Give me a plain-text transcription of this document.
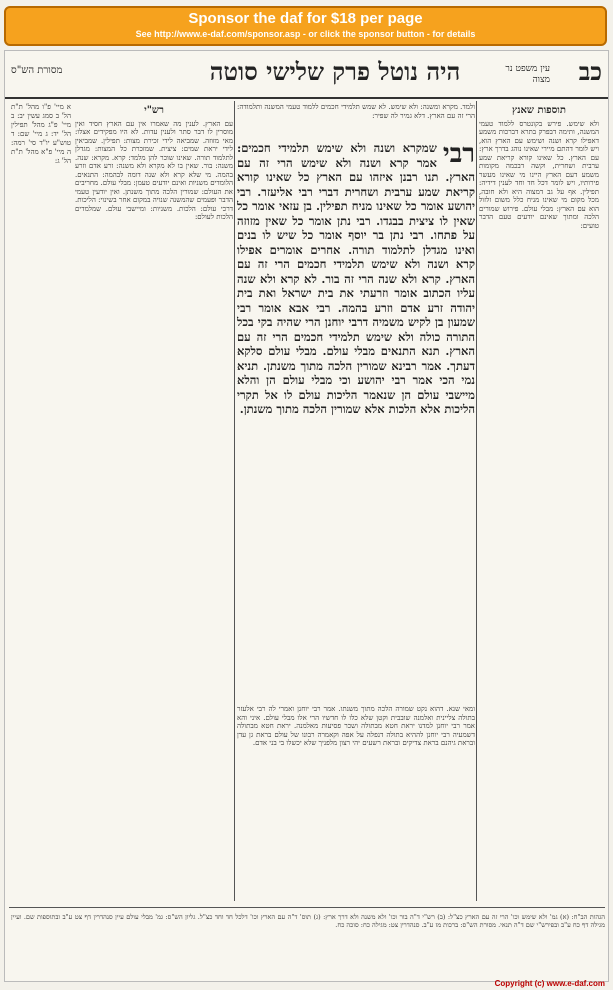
Sponsor the daf for $18 per page
See http://www.e-daf.com/sponsor.asp - or click the sponsor button - for details
מסורת הש"ס	היה נוטל פרק שלישי סוטה	עין משפט נר מצוה כב
א מיי' פ"ו מהל' ת"ת הל' ב סמג עשין יב: ב מיי' פ"ג מהל' תפילין הל' יד: ג מיי' שם: ד טוש"ע יו"ד סי' רמה: ה מיי' פ"א מהל' ת"ת הל' ג:
רש"י
עם הארץ. לענין מה שאמרו אין עם הארץ חסיד ואין מוסרין לו דבר סתר ולענין עדות. לא היו מפקידים אצלו: מאי מזוזה. שמביאה לידי זכירת מצות: תפילין. שמביאין לידי יראת שמים: ציצית. שמזכרת כל המצות: מגדלן לתלמוד תורה. שאינו שוכר להן מלמד: קרא. מקרא: שנה. משנה: בור. שאין בו לא מקרא ולא משנה: זרע אדם וזרע בהמה. מי שלא קרא ולא שנה דומה לבהמה: התנאים. הלומדים משניות ואינם יודעים טעמן: מבלי עולם. מחריבים את העולם: שמורין הלכה מתוך משנתן. ואין יודעין טעמי הדבר ופעמים שהמשנה שנויה במקום אחר בשינוי: הליכות. דרכי עולם: הלכות. משניות: ומיישבי עולם. שמלמדים הלכות לעולם:
ולמד. מקרא ומשנה: ולא שימש. לא שמש תלמידי חכמים ללמוד טעמי המשנה ותלמודה: הרי זה עם הארץ. דלא גמיר לה שפיר:
רבי
שמקרא ושנה ולא שימש תלמידי חכמים: אמר קרא ושנה ולא שימש הרי זה עם הארץ. תנו רבנן איזהו עם הארץ כל שאינו קורא קריאת שמע ערבית ושחרית דברי רבי אליעזר. רבי יהושע אומר כל שאינו מניח תפילין. בן עזאי אומר כל שאין לו ציצית בבגדו. רבי נתן אומר כל שאין מזוזה על פתחו. רבי נתן בר יוסף אומר כל שיש לו בנים ואינו מגדלן לתלמוד תורה. אחרים אומרים אפילו קרא ושנה ולא שימש תלמידי חכמים הרי זה עם הארץ. קרא ולא שנה הרי זה בור. לא קרא ולא שנה עליו הכתוב אומר וזרעתי את בית ישראל ואת בית יהודה זרע אדם וזרע בהמה. רבי אבא אומר רבי שמעון בן לקיש משמיה דרבי יוחנן הרי שהיה בקי בכל התורה כולה ולא שימש תלמידי חכמים הרי זה עם הארץ. תנא התנאים מבלי עולם. מבלי עולם סלקא דעתך. אמר רבינא שמורין הלכה מתוך משנתן. תניא נמי הכי אמר רבי יהושע וכי מבלי עולם הן והלא מיישבי עולם הן שנאמר הליכות עולם לו אל תקרי הליכות אלא הלכות אלא שמורין הלכה מתוך משנתן.
ומאי שנא. דהוא נקט שמורה הלכה מתוך משנתו. אמר רבי יוחנן ואמרי לה רבי אלעזר בתולה צליינית ואלמנה שובבית וקטן שלא כלו לו חדשיו הרי אלו מבלי עולם. איני והא אמר רבי יוחנן למדנו יראת חטא מבתולה ושכר פסיעות מאלמנה. יראת חטא מבתולה דשמעיה רבי יוחנן לההיא בתולה דנפלה על אפה וקאמרה רבונו של עולם בראת גן עדן ובראת גיהנם בראת צדיקים ובראת רשעים יהי רצון מלפניך שלא יכשלו בי בני אדם.
תוספות שאנץ
ולא שימש. פירש בקונטרס ללמוד טעמי המשנה, ותימה דבפרק בתרא דברכות משמע דאפילו קרא ושנה ושימש עם הארץ הוא, ויש לומר דהתם מיירי שאינו נוהג בדרך ארץ: עם הארץ. כל שאינו קורא קריאת שמע ערבית ושחרית, וקשה דבכמה מקומות משמע דעם הארץ היינו מי שאינו מעשר פירותיו, ויש לומר דכל חד וחד לענין דידיה: תפילין. אף על גב דמצוה היא ולא חובה, מכל מקום מי שאינו מניח כלל משום זלזול הוא עם הארץ: מבלי עולם. פירוש שמורים הלכה ומתוך שאינם יודעים טעם הדבר טועים:
הגהות הב"ח: (א) גמ' ולא שימש וכו' הרי זה עם הארץ כצ"ל: (ב) רש"י ד"ה בור וכו' ולא משנה ולא דרך ארץ: (ג) תוס' ד"ה עם הארץ וכו' דלכל חד וחד כצ"ל. גליון הש"ס: גמ' מבלי עולם עיין סנהדרין דף צט ע"ב ובתוספות שם. ועיין מגילה דף כח ע"ב ובפירש"י שם ד"ה תנאי. מסורת הש"ס: ברכות מז ע"ב. סנהדרין צט: מגילה כח: סוכה כח.
Copyright (c) www.e-daf.com
